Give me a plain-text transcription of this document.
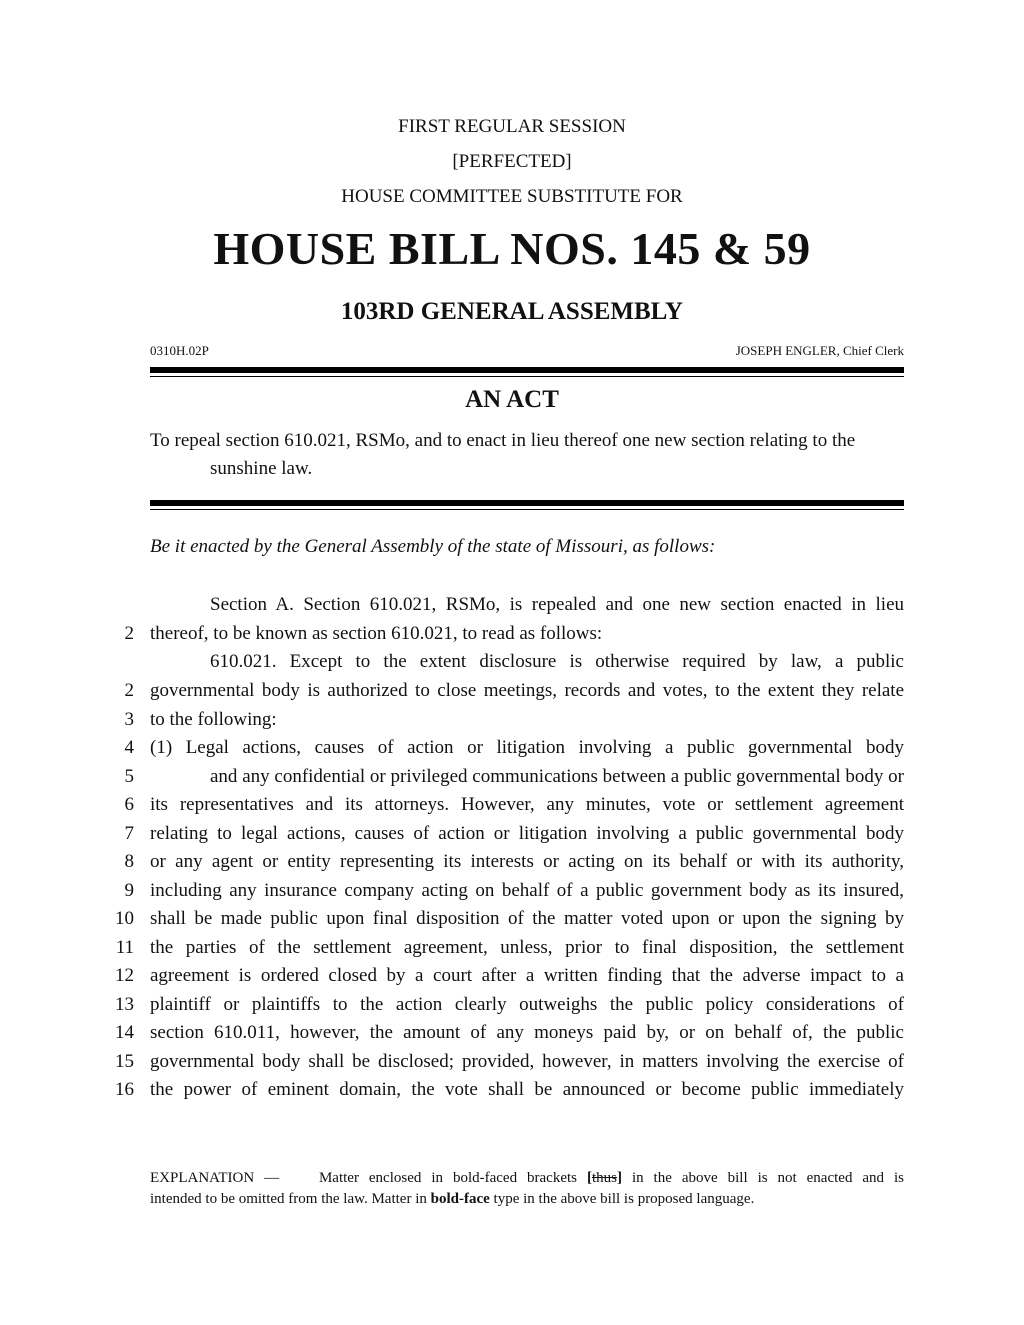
FIRST REGULAR SESSION
[PERFECTED]
HOUSE COMMITTEE SUBSTITUTE FOR
HOUSE BILL NOS. 145 & 59
103RD GENERAL ASSEMBLY
0310H.02P	JOSEPH ENGLER, Chief Clerk
AN ACT
To repeal section 610.021, RSMo, and to enact in lieu thereof one new section relating to the
sunshine law.
Be it enacted by the General Assembly of the state of Missouri, as follows:
Section A. Section 610.021, RSMo, is repealed and one new section enacted in lieu
2 thereof, to be known as section 610.021, to read as follows:
610.021. Except to the extent disclosure is otherwise required by law, a public
2 governmental body is authorized to close meetings, records and votes, to the extent they relate
3 to the following:
4 (1) Legal actions, causes of action or litigation involving a public governmental body
5	and any confidential or privileged communications between a public governmental body or
6 its representatives and its attorneys. However, any minutes, vote or settlement agreement
7 relating to legal actions, causes of action or litigation involving a public governmental body
8 or any agent or entity representing its interests or acting on its behalf or with its authority,
9 including any insurance company acting on behalf of a public government body as its insured,
10 shall be made public upon final disposition of the matter voted upon or upon the signing by
11 the parties of the settlement agreement, unless, prior to final disposition, the settlement
12 agreement is ordered closed by a court after a written finding that the adverse impact to a
13 plaintiff or plaintiffs to the action clearly outweighs the public policy considerations of
14 section 610.011, however, the amount of any moneys paid by, or on behalf of, the public
15 governmental body shall be disclosed; provided, however, in matters involving the exercise of
16 the power of eminent domain, the vote shall be announced or become public immediately
EXPLANATION —	Matter enclosed in bold-faced brackets [thus] in the above bill is not enacted and is
intended to be omitted from the law. Matter in bold-face type in the above bill is proposed language.
